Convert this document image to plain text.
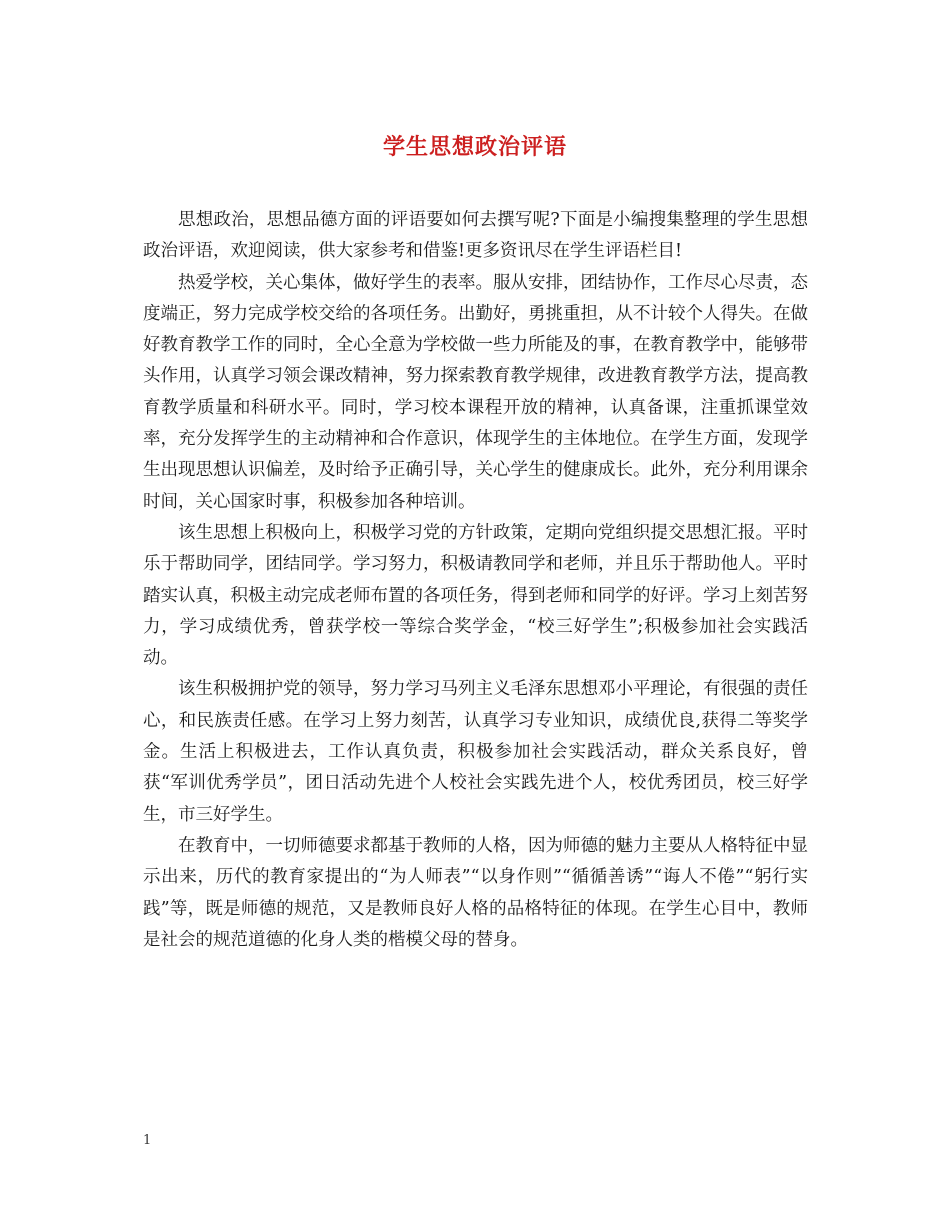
学生思想政治评语

思想政治，思想品德方面的评语要如何去撰写呢?下面是小编搜集整理的学生思想政治评语，欢迎阅读，供大家参考和借鉴!更多资讯尽在学生评语栏目!

热爱学校，关心集体，做好学生的表率。服从安排，团结协作，工作尽心尽责，态度端正，努力完成学校交给的各项任务。出勤好，勇挑重担，从不计较个人得失。在做好教育教学工作的同时，全心全意为学校做一些力所能及的事，在教育教学中，能够带头作用，认真学习领会课改精神，努力探索教育教学规律，改进教育教学方法，提高教育教学质量和科研水平。同时，学习校本课程开放的精神，认真备课，注重抓课堂效率，充分发挥学生的主动精神和合作意识，体现学生的主体地位。在学生方面，发现学生出现思想认识偏差，及时给予正确引导，关心学生的健康成长。此外，充分利用课余时间，关心国家时事，积极参加各种培训。

该生思想上积极向上，积极学习党的方针政策，定期向党组织提交思想汇报。平时乐于帮助同学，团结同学。学习努力，积极请教同学和老师，并且乐于帮助他人。平时踏实认真，积极主动完成老师布置的各项任务，得到老师和同学的好评。学习上刻苦努力，学习成绩优秀，曾获学校一等综合奖学金，“校三好学生”;积极参加社会实践活动。

该生积极拥护党的领导，努力学习马列主义毛泽东思想邓小平理论，有很强的责任心，和民族责任感。在学习上努力刻苦，认真学习专业知识，成绩优良,获得二等奖学金。生活上积极进去，工作认真负责，积极参加社会实践活动，群众关系良好，曾获“军训优秀学员”，团日活动先进个人校社会实践先进个人，校优秀团员，校三好学生，市三好学生。

在教育中，一切师德要求都基于教师的人格，因为师德的魅力主要从人格特征中显示出来，历代的教育家提出的“为人师表”“以身作则”“循循善诱”“诲人不倦”“躬行实践”等，既是师德的规范，又是教师良好人格的品格特征的体现。在学生心目中，教师是社会的规范道德的化身人类的楷模父母的替身。

1
